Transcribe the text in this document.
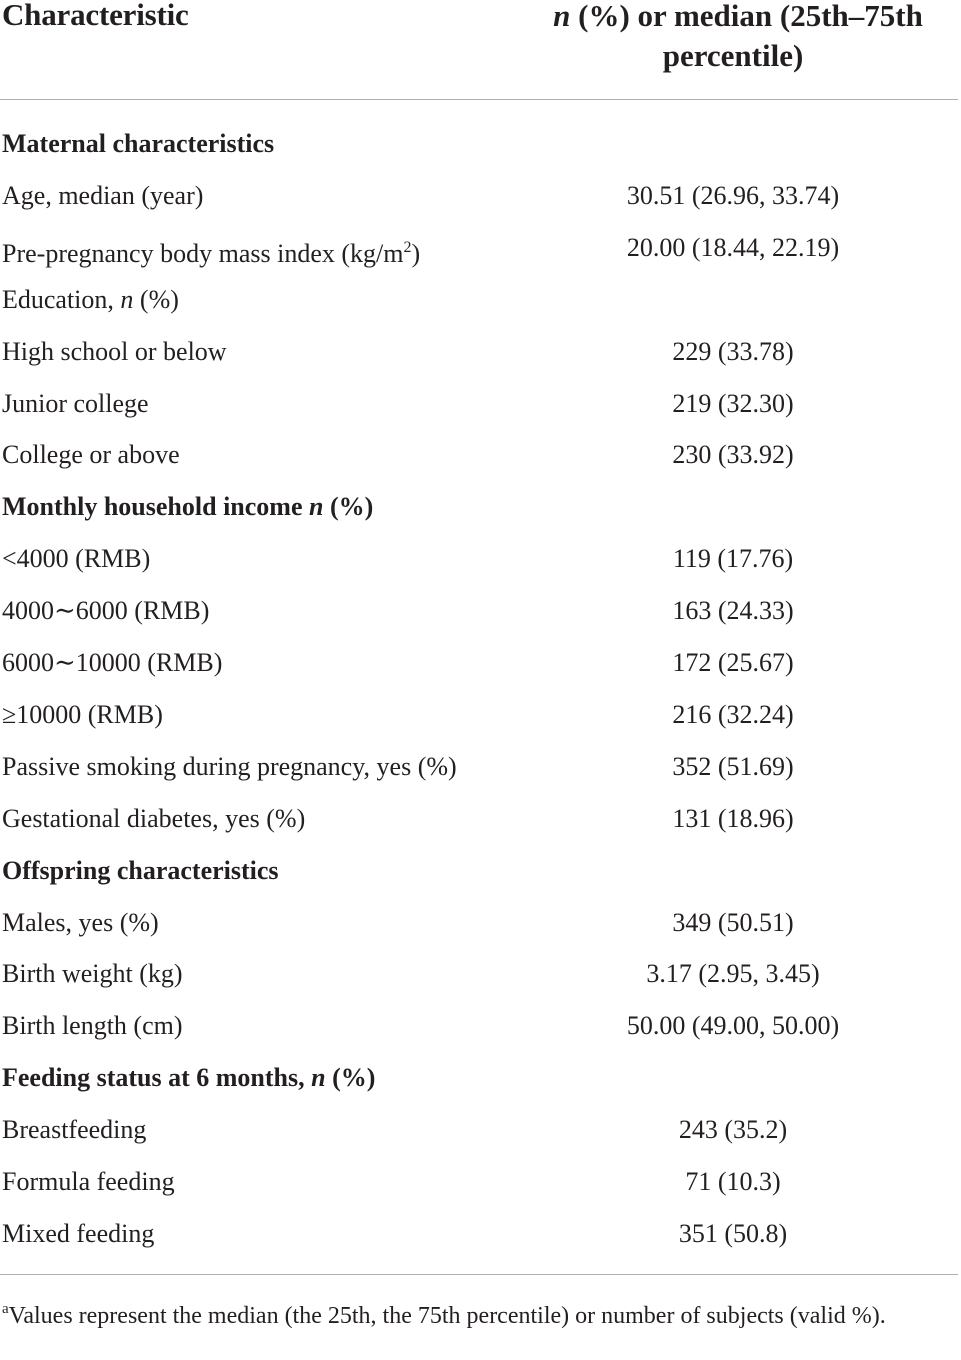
Characteristic	n (%) or median (25th–75th
percentile)
Maternal characteristics
Age, median (year)	30.51 (26.96, 33.74)
Pre-pregnancy body mass index $(kg/m^2)$	20.00 (18.44, 22.19)
Education, n (%)
High school or below	229 (33.78)
Junior college	219 (32.30)
College or above	230 (33.92)
Monthly household income n (%)
<4000 (RMB)	119 (17.76)
4000∼6000 (RMB)	163 (24.33)
6000∼10000 (RMB)	172 (25.67)
≥10000 (RMB)	216 (32.24)
Passive smoking during pregnancy, yes (%)	352 (51.69)
Gestational diabetes, yes (%)	131 (18.96)
Offspring characteristics
Males, yes (%)	349 (50.51)
Birth weight (kg)	3.17 (2.95, 3.45)
Birth length (cm)	50.00 (49.00, 50.00)
Feeding status at 6 months, n (%)
Breastfeeding	243 (35.2)
Formula feeding	71 (10.3)
Mixed feeding	351 (50.8)
$^a$Values represent the median (the 25th, the 75th percentile) or number of subjects (valid %).
